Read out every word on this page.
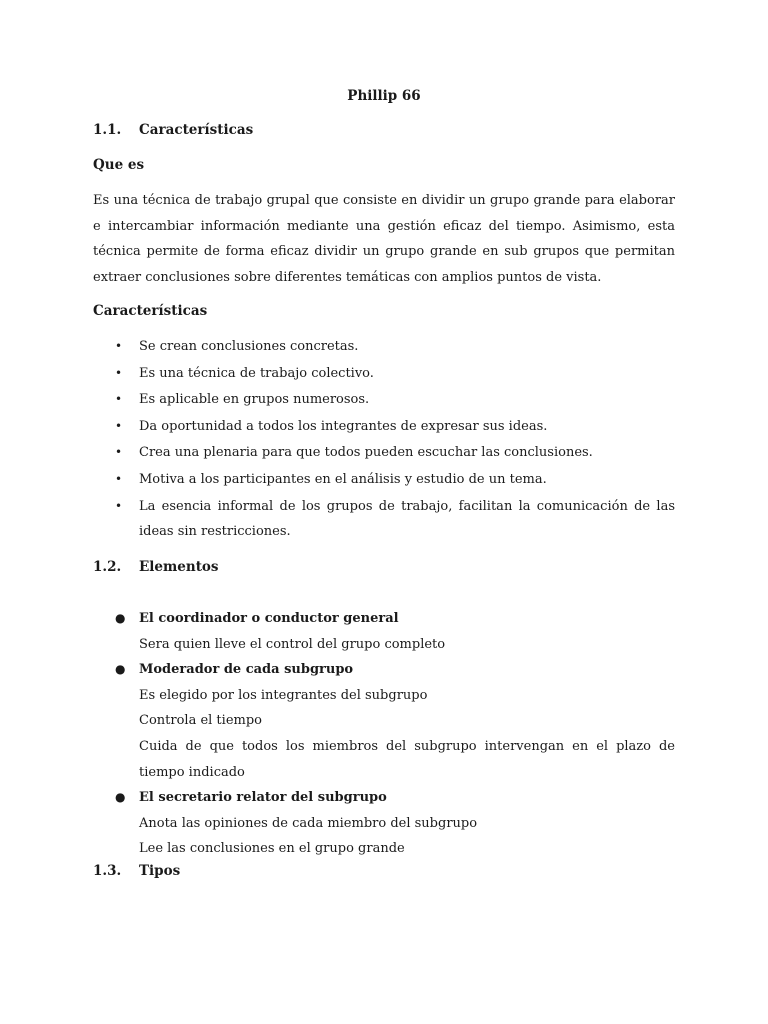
Phillip 66
1.1. Características
Que es

Es una técnica de trabajo grupal que consiste en dividir un grupo grande para elaborar e intercambiar información mediante una gestión eficaz del tiempo. Asimismo, esta técnica permite de forma eficaz dividir un grupo grande en sub grupos que permitan extraer conclusiones sobre diferentes temáticas con amplios puntos de vista.

Características
• Se crean conclusiones concretas.
• Es una técnica de trabajo colectivo.
• Es aplicable en grupos numerosos.
• Da oportunidad a todos los integrantes de expresar sus ideas.
• Crea una plenaria para que todos pueden escuchar las conclusiones.
• Motiva a los participantes en el análisis y estudio de un tema.
• La esencia informal de los grupos de trabajo, facilitan la comunicación de las ideas sin restricciones.
1.2. Elementos
● El coordinador o conductor general
Sera quien lleve el control del grupo completo
● Moderador de cada subgrupo
Es elegido por los integrantes del subgrupo
Controla el tiempo
Cuida de que todos los miembros del subgrupo intervengan en el plazo de tiempo indicado
● El secretario relator del subgrupo
Anota las opiniones de cada miembro del subgrupo
Lee las conclusiones en el grupo grande
1.3. Tipos
